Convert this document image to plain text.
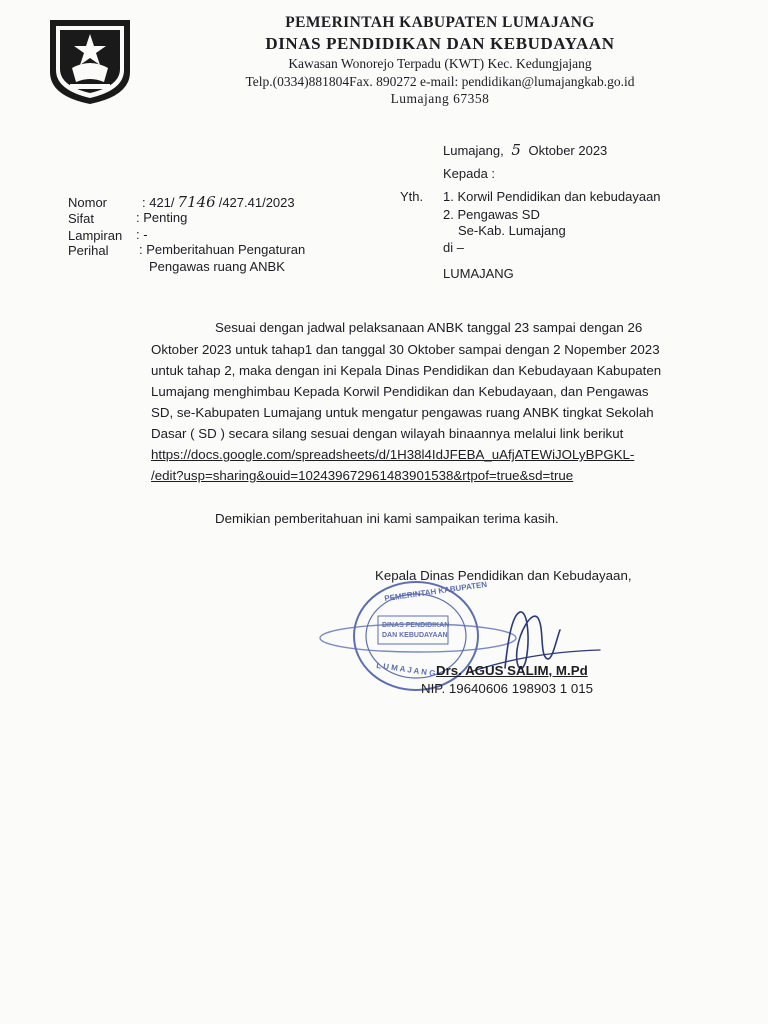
PEMERINTAH KABUPATEN LUMAJANG
DINAS PENDIDIKAN DAN KEBUDAYAAN
Kawasan Wonorejo Terpadu (KWT) Kec. Kedungjajang
Telp.(0334)881804Fax. 890272 e-mail: pendidikan@lumajangkab.go.id
Lumajang 67358
Lumajang, 5 Oktober 2023
Kepada :
Yth. 1. Korwil Pendidikan dan kebudayaan
2. Pengawas SD
Se-Kab. Lumajang
di –
LUMAJANG
Nomor	: 421/ 7146 /427.41/2023
Sifat	: Penting
Lampiran : -
Perihal : Pemberitahuan Pengaturan
Pengawas ruang ANBK
Sesuai dengan jadwal pelaksanaan ANBK tanggal 23 sampai dengan 26
Oktober 2023 untuk tahap1 dan tanggal 30 Oktober sampai dengan 2 Nopember 2023
untuk tahap 2, maka dengan ini Kepala Dinas Pendidikan dan Kebudayaan Kabupaten
Lumajang menghimbau Kepada Korwil Pendidikan dan Kebudayaan, dan Pengawas
SD, se-Kabupaten Lumajang untuk mengatur pengawas ruang ANBK tingkat Sekolah
Dasar ( SD ) secara silang sesuai dengan wilayah binaannya melalui link berikut
https://docs.google.com/spreadsheets/d/1H38l4IdJFEBA_uAfjATEWiJOLyBPGKL-
/edit?usp=sharing&ouid=102439672961483901538&rtpof=true&sd=true
Demikian pemberitahuan ini kami sampaikan terima kasih.
Kepala Dinas Pendidikan dan Kebudayaan,
PEMERINTAH KABUPATEN
DINAS PENDIDIKAN
DAN KEBUDAYAAN
L U M A J A N G Drs. AGUS SALIM, M.Pd
NIP. 19640606 198903 1 015
